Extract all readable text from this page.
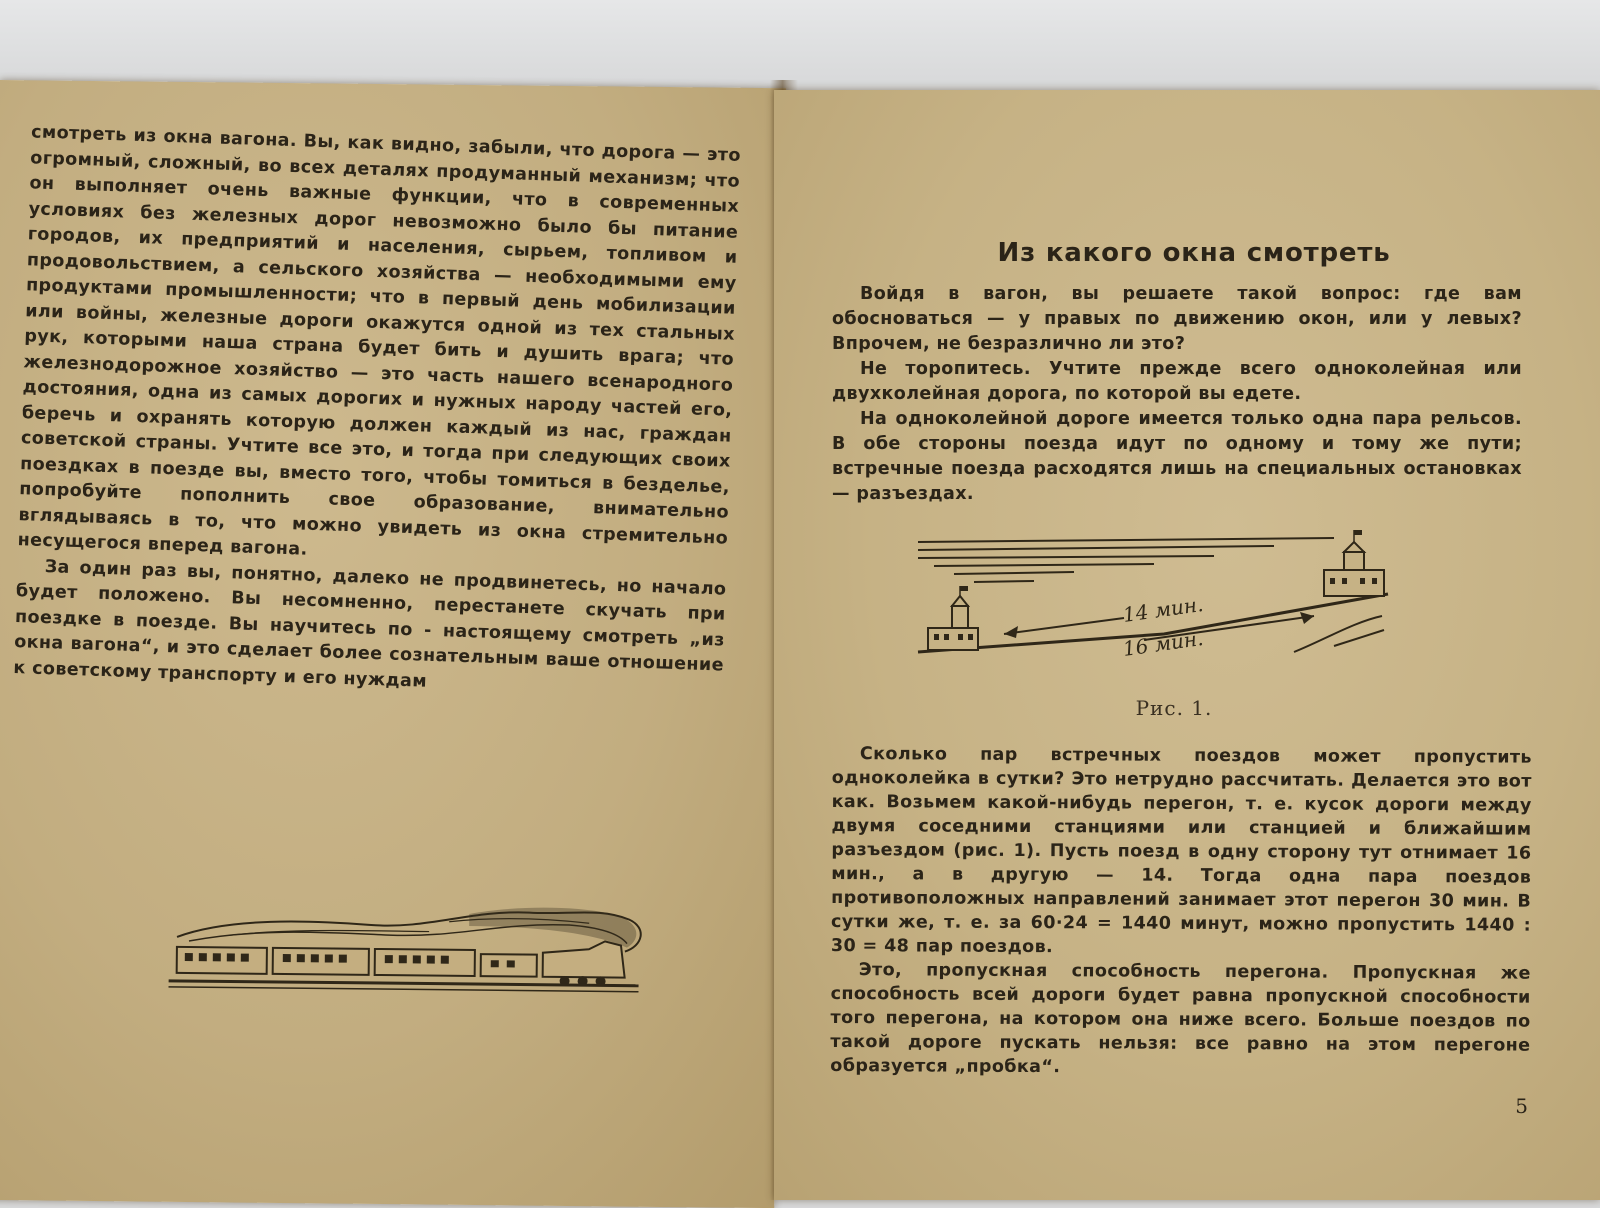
смотреть из окна вагона. Вы, как видно, забыли, что дорога — это огромный, сложный, во всех деталях продуманный механизм; что он выполняет очень важные функции, что в современных условиях без железных дорог невозможно было бы питание городов, их предприятий и населения, сырьем, топливом и продовольствием, а сельского хозяйства — необходимыми ему продуктами промышленности; что в первый день мобилизации или войны, железные дороги окажутся одной из тех стальных рук, которыми наша страна будет бить и душить врага; что железнодорожное хозяйство — это часть нашего всенародного достояния, одна из самых дорогих и нужных народу частей его, беречь и охранять которую должен каждый из нас, граждан советской страны. Учтите все это, и тогда при следующих своих поездках в поезде вы, вместо того, чтобы томиться в безделье, попробуйте пополнить свое образование, внимательно вглядываясь в то, что можно увидеть из окна стремительно несущегося вперед вагона.

За один раз вы, понятно, далеко не продвинетесь, но начало будет положено. Вы несомненно, перестанете скучать при поездке в поезде. Вы научитесь по - настоящему смотреть „из окна вагона“, и это сделает более сознательным ваше отношение к советскому транспорту и его нуждам

Из какого окна смотреть

Войдя в вагон, вы решаете такой вопрос: где вам обосноваться — у правых по движению окон, или у левых? Впрочем, не безразлично ли это?

Не торопитесь. Учтите прежде всего одноколейная или двухколейная дорога, по которой вы едете.

На одноколейной дороге имеется только одна пара рельсов. В обе стороны поезда идут по одному и тому же пути; встречные поезда расходятся лишь на специальных остановках — разъездах.

14 мин.
16 мин.
Рис. 1.

Сколько пар встречных поездов может пропустить одноколейка в сутки? Это нетрудно рассчитать. Делается это вот как. Возьмем какой-нибудь перегон, т. е. кусок дороги между двумя соседними станциями или станцией и ближайшим разъездом (рис. 1). Пусть поезд в одну сторону тут отнимает 16 мин., а в другую — 14. Тогда одна пара поездов противоположных направлений занимает этот перегон 30 мин. В сутки же, т. е. за 60·24 = 1440 минут, можно пропустить 1440 : 30 = 48 пар поездов.

Это, пропускная способность перегона. Пропускная же способность всей дороги будет равна пропускной способности того перегона, на котором она ниже всего. Больше поездов по такой дороге пускать нельзя: все равно на этом перегоне образуется „пробка“.

5
